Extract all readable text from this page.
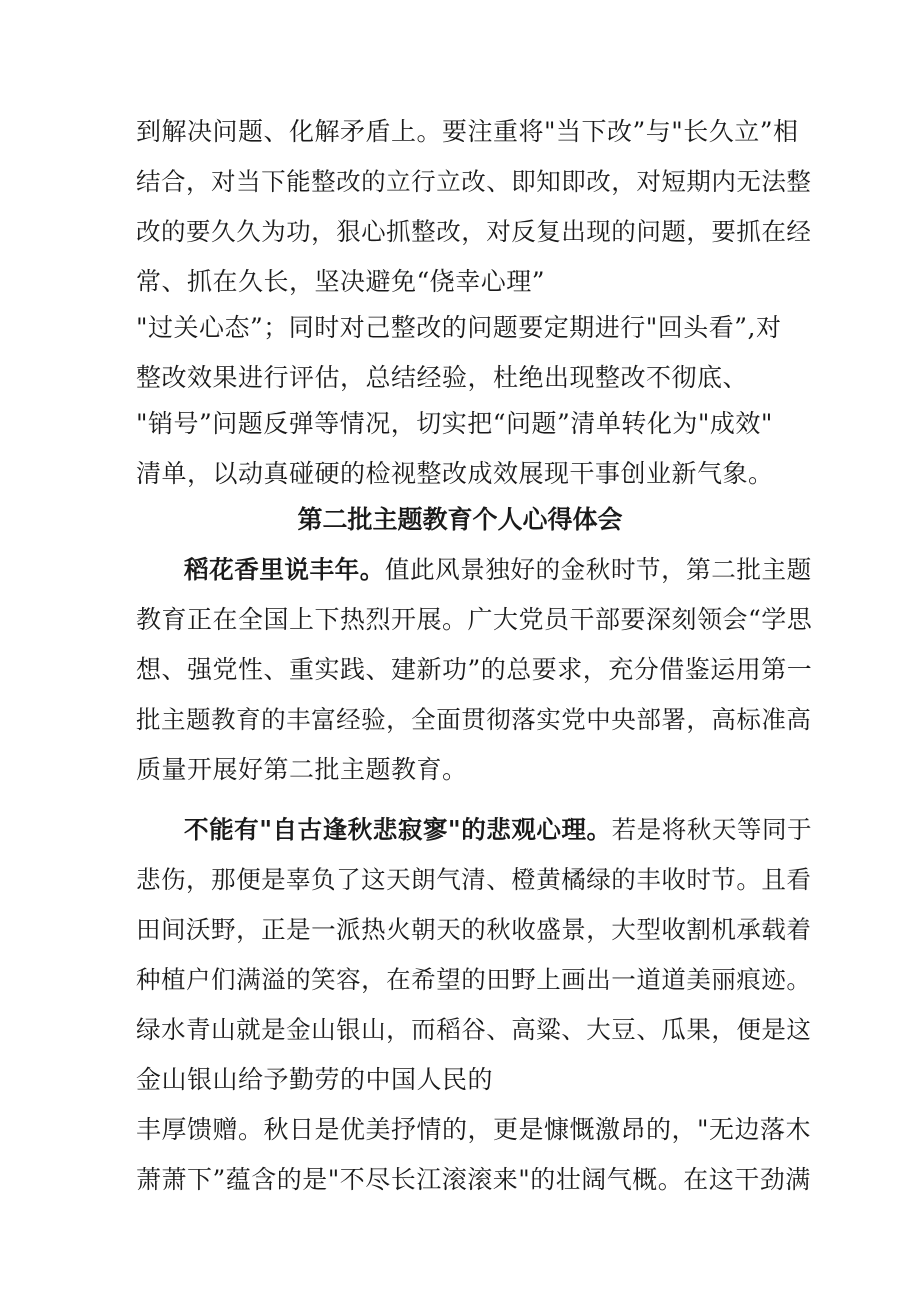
到解决问题、化解矛盾上。要注重将"当下改”与"长久立”相
结合，对当下能整改的立行立改、即知即改，对短期内无法整
改的要久久为功，狠心抓整改，对反复出现的问题，要抓在经
常、抓在久长，坚决避免“侥幸心理”
"过关心态”；同时对己整改的问题要定期进行"回头看”,对
整改效果进行评估，总结经验，杜绝出现整改不彻底、
"销号”问题反弹等情况，切实把“问题”清单转化为"成效"
清单，以动真碰硬的检视整改成效展现干事创业新气象。
第二批主题教育个人心得体会
稻花香里说丰年。值此风景独好的金秋时节，第二批主题
教育正在全国上下热烈开展。广大党员干部要深刻领会“学思
想、强党性、重实践、建新功”的总要求，充分借鉴运用第一
批主题教育的丰富经验，全面贯彻落实党中央部署，高标准高
质量开展好第二批主题教育。
不能有"自古逢秋悲寂寥"的悲观心理。若是将秋天等同于
悲伤，那便是辜负了这天朗气清、橙黄橘绿的丰收时节。且看
田间沃野，正是一派热火朝天的秋收盛景，大型收割机承载着
种植户们满溢的笑容，在希望的田野上画出一道道美丽痕迹。
绿水青山就是金山银山，而稻谷、高粱、大豆、瓜果，便是这
金山银山给予勤劳的中国人民的
丰厚馈赠。秋日是优美抒情的，更是慷慨激昂的，"无边落木
萧萧下”蕴含的是"不尽长江滚滚来"的壮阔气概。在这干劲满
